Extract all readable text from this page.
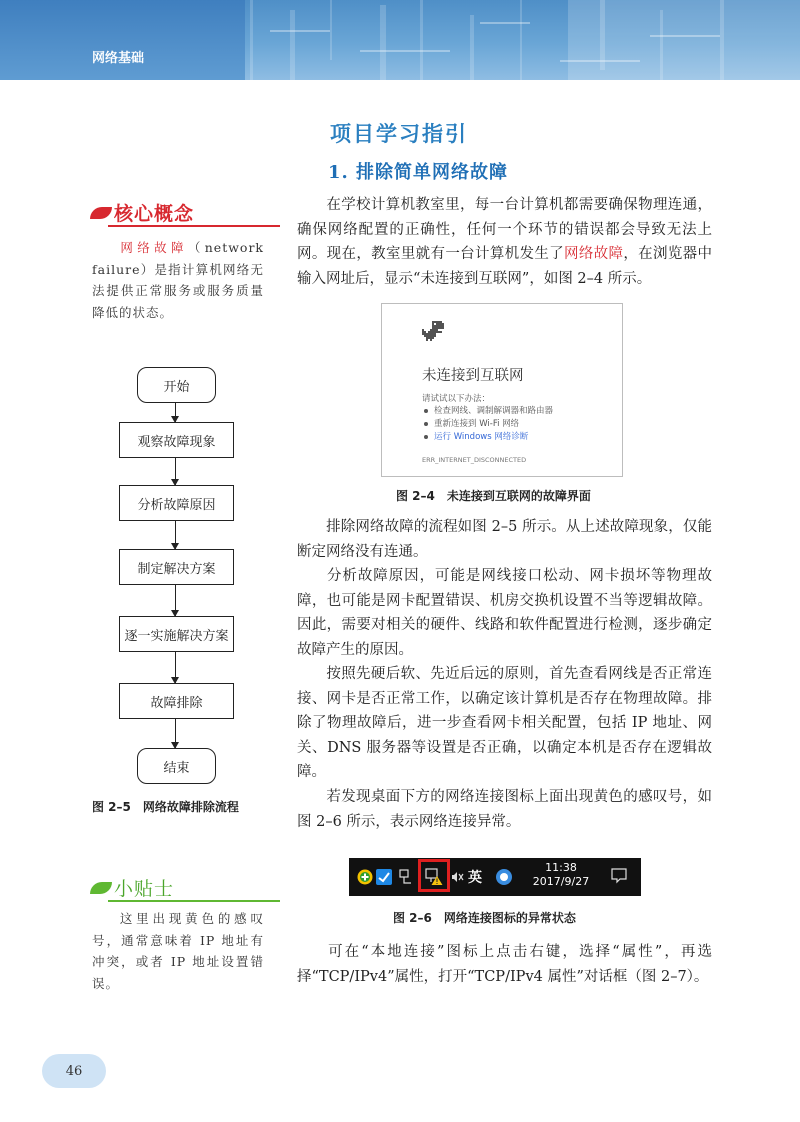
网络基础
项目学习指引
1. 排除简单网络故障
在学校计算机教室里，每一台计算机都需要确保物理连通，确保网络配置的正确性，任何一个环节的错误都会导致无法上网。现在，教室里就有一台计算机发生了网络故障，在浏览器中输入网址后，显示“未连接到互联网”，如图 2–4 所示。
未连接到互联网
请试试以下办法：
检查网线、调制解调器和路由器
重新连接到 Wi-Fi 网络
运行 Windows 网络诊断
ERR_INTERNET_DISCONNECTED
图 2–4　未连接到互联网的故障界面
排除网络故障的流程如图 2–5 所示。从上述故障现象，仅能断定网络没有连通。
分析故障原因，可能是网线接口松动、网卡损坏等物理故障，也可能是网卡配置错误、机房交换机设置不当等逻辑故障。因此，需要对相关的硬件、线路和软件配置进行检测，逐步确定故障产生的原因。
按照先硬后软、先近后远的原则，首先查看网线是否正常连接、网卡是否正常工作，以确定该计算机是否存在物理故障。排除了物理故障后，进一步查看网卡相关配置，包括 IP 地址、网关、DNS 服务器等设置是否正确，以确定本机是否存在逻辑故障。
若发现桌面下方的网络连接图标上面出现黄色的感叹号，如图 2–6 所示，表示网络连接异常。
英
11:38
2017/9/27
图 2–6　网络连接图标的异常状态
可在“本地连接”图标上点击右键，选择“属性”，再选择“TCP/IPv4”属性，打开“TCP/IPv4 属性”对话框（图 2–7）。
核心概念
网络故障（network failure）是指计算机网络无法提供正常服务或服务质量降低的状态。
开始
观察故障现象
分析故障原因
制定解决方案
逐一实施解决方案
故障排除
结束
图 2–5　网络故障排除流程
小贴士
这里出现黄色的感叹号，通常意味着 IP 地址有冲突，或者 IP 地址设置错误。
46
